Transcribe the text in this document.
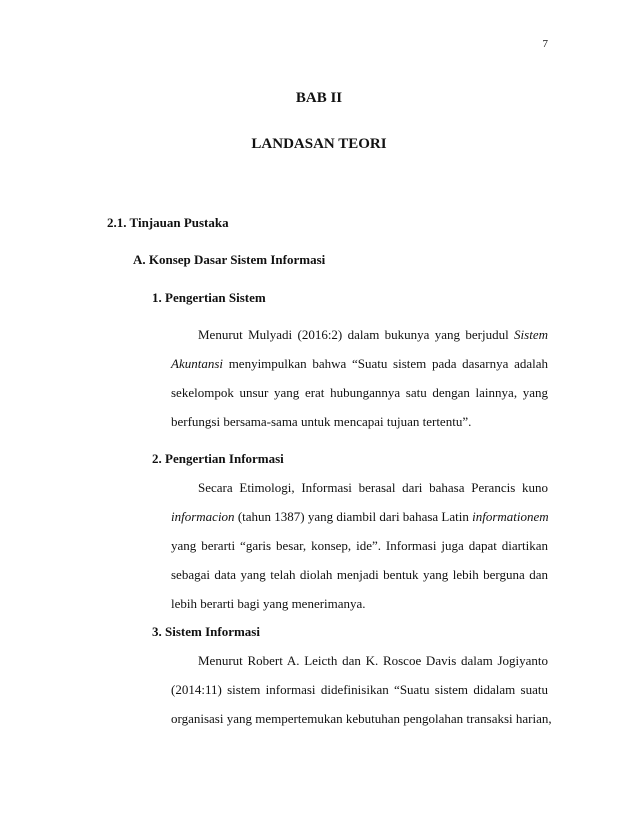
7
BAB II
LANDASAN TEORI
2.1. Tinjauan Pustaka
A. Konsep Dasar Sistem Informasi
1. Pengertian Sistem
Menurut Mulyadi (2016:2) dalam bukunya yang berjudul Sistem
Akuntansi menyimpulkan bahwa “Suatu sistem pada dasarnya adalah
sekelompok unsur yang erat hubungannya satu dengan lainnya, yang
berfungsi bersama-sama untuk mencapai tujuan tertentu”.
2. Pengertian Informasi
Secara Etimologi, Informasi berasal dari bahasa Perancis kuno
informacion (tahun 1387) yang diambil dari bahasa Latin informationem
yang berarti “garis besar, konsep, ide”. Informasi juga dapat diartikan
sebagai data yang telah diolah menjadi bentuk yang lebih berguna dan
lebih berarti bagi yang menerimanya.
3. Sistem Informasi
Menurut Robert A. Leicth dan K. Roscoe Davis dalam Jogiyanto
(2014:11) sistem informasi didefinisikan “Suatu sistem didalam suatu
organisasi yang mempertemukan kebutuhan pengolahan transaksi harian,
